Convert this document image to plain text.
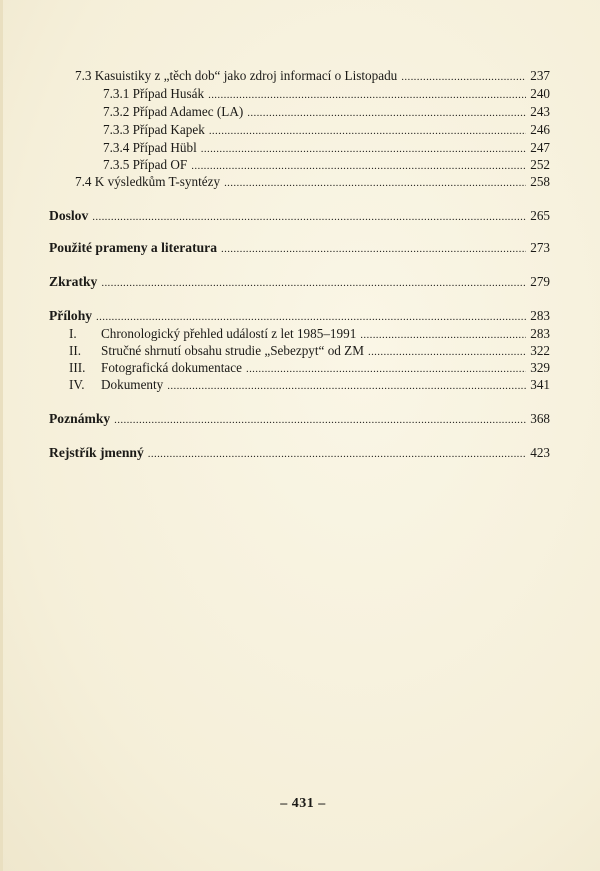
7.3 Kasuistiky z „těch dob“ jako zdroj informací o Listopadu . . .	237
7.3.1 Případ Husák . . .	240
7.3.2 Případ Adamec (LA) . . .	243
7.3.3 Případ Kapek . . .	246
7.3.4 Případ Hübl . . .	247
7.3.5 Případ OF . . .	252
7.4 K výsledkům T-syntézy . . .	258
Doslov . . .	265
Použité prameny a literatura . . .	273
Zkratky . . .	279
Přílohy . . .	283
I. Chronologický přehled událostí z let 1985–1991 . . .	283
II. Stručné shrnutí obsahu strudie „Sebezpyt“ od ZM . . .	322
III. Fotografická dokumentace . . .	329
IV. Dokumenty . . .	341
Poznámky . . .	368
Rejstřík jmenný . . .	423
– 431 –
